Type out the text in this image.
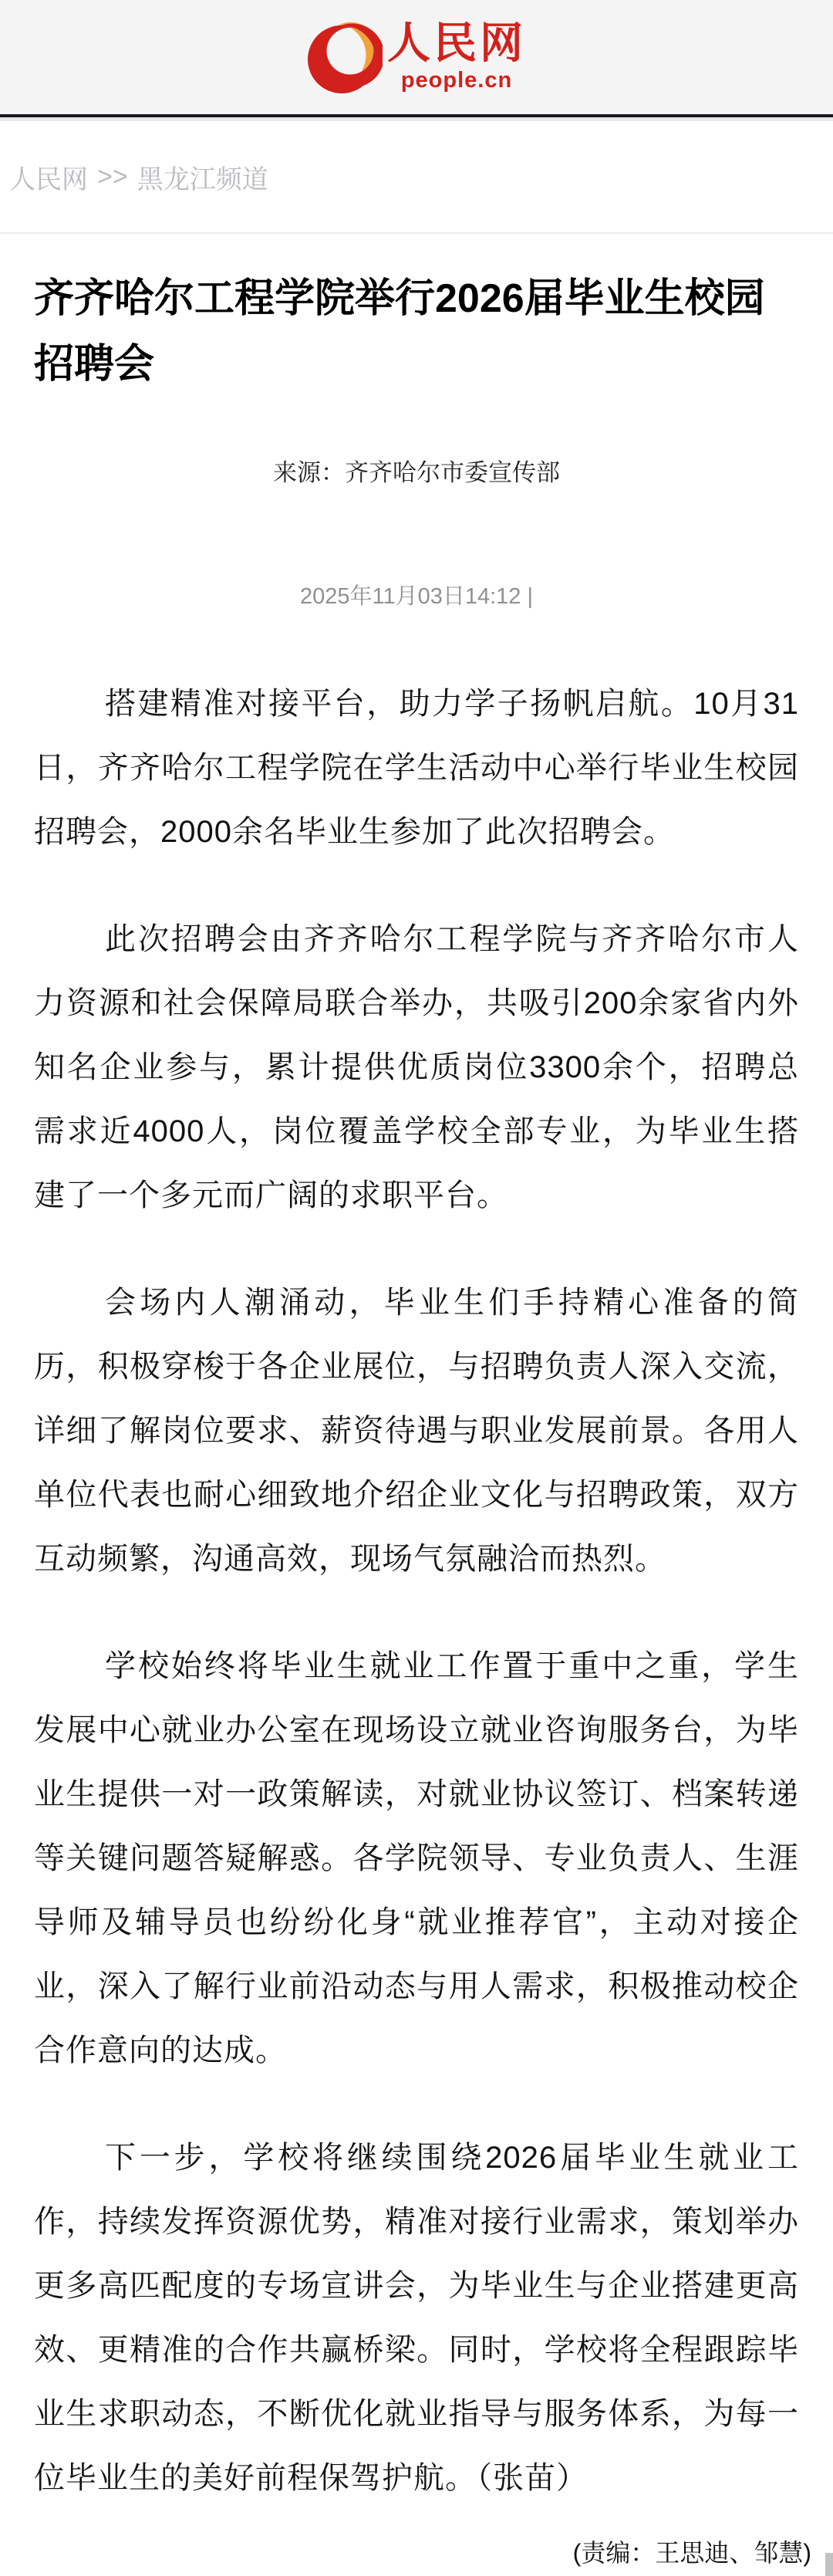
人民网
people.cn
人民网 >> 黑龙江频道
齐齐哈尔工程学院举行2026届毕业生校园招聘会
来源：齐齐哈尔市委宣传部
2025年11月03日14:12 |

搭建精准对接平台，助力学子扬帆启航。10月31日，齐齐哈尔工程学院在学生活动中心举行毕业生校园招聘会，2000余名毕业生参加了此次招聘会。

此次招聘会由齐齐哈尔工程学院与齐齐哈尔市人力资源和社会保障局联合举办，共吸引200余家省内外知名企业参与，累计提供优质岗位3300余个，招聘总需求近4000人，岗位覆盖学校全部专业，为毕业生搭建了一个多元而广阔的求职平台。

会场内人潮涌动，毕业生们手持精心准备的简历，积极穿梭于各企业展位，与招聘负责人深入交流，详细了解岗位要求、薪资待遇与职业发展前景。各用人单位代表也耐心细致地介绍企业文化与招聘政策，双方互动频繁，沟通高效，现场气氛融洽而热烈。

学校始终将毕业生就业工作置于重中之重，学生发展中心就业办公室在现场设立就业咨询服务台，为毕业生提供一对一政策解读，对就业协议签订、档案转递等关键问题答疑解惑。各学院领导、专业负责人、生涯导师及辅导员也纷纷化身“就业推荐官”，主动对接企业，深入了解行业前沿动态与用人需求，积极推动校企合作意向的达成。

下一步，学校将继续围绕2026届毕业生就业工作，持续发挥资源优势，精准对接行业需求，策划举办更多高匹配度的专场宣讲会，为毕业生与企业搭建更高效、更精准的合作共赢桥梁。同时，学校将全程跟踪毕业生求职动态，不断优化就业指导与服务体系，为每一位毕业生的美好前程保驾护航。（张苗）

(责编：王思迪、邹慧)
